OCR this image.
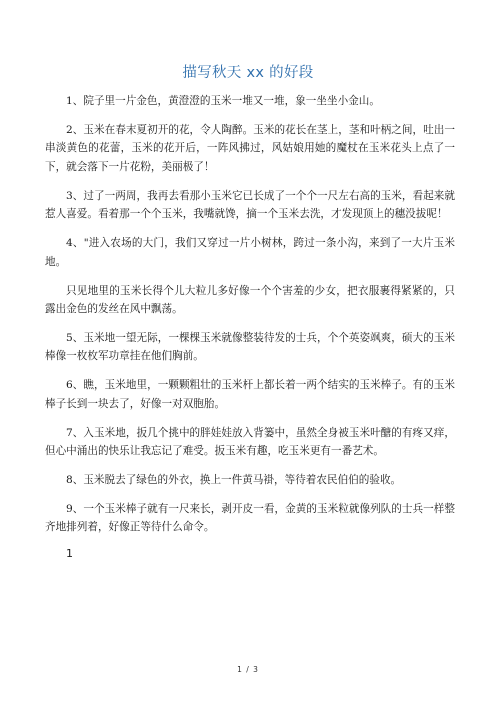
描写秋天 xx 的好段

1、院子里一片金色，黄澄澄的玉米一堆又一堆，象一坐坐小金山。

2、玉米在春末夏初开的花，令人陶醉。玉米的花长在茎上，茎和叶柄之间，吐出一串淡黄色的花蕾，玉米的花开后，一阵风拂过，风姑娘用她的魔杖在玉米花头上点了一下，就会落下一片花粉，美丽极了！

3、过了一两周，我再去看那小玉米它已长成了一个个一尺左右高的玉米，看起来就惹人喜爱。看着那一个个玉米，我嘴就馋，摘一个玉米去洗，才发现顶上的穗没拔呢！

4、"进入农场的大门，我们又穿过一片小树林，跨过一条小沟，来到了一大片玉米地。

只见地里的玉米长得个儿大粒儿多好像一个个害羞的少女，把衣服裹得紧紧的，只露出金色的发丝在风中飘荡。

5、玉米地一望无际，一棵棵玉米就像整装待发的士兵，个个英姿飒爽，硕大的玉米棒像一枚枚军功章挂在他们胸前。

6、瞧，玉米地里，一颗颗粗壮的玉米杆上都长着一两个结实的玉米棒子。有的玉米棒子长到一块去了，好像一对双胞胎。

7、入玉米地，扳几个挑中的胖娃娃放入背篓中，虽然全身被玉米叶醣的有疼又痒，但心中涌出的快乐让我忘记了难受。扳玉米有趣，吃玉米更有一番艺术。

8、玉米脱去了绿色的外衣，换上一件黄马褂，等待着农民伯伯的验收。

9、一个玉米棒子就有一尺来长，剥开皮一看，金黄的玉米粒就像列队的士兵一样整齐地排列着，好像正等待什么命令。

1

1 / 3
